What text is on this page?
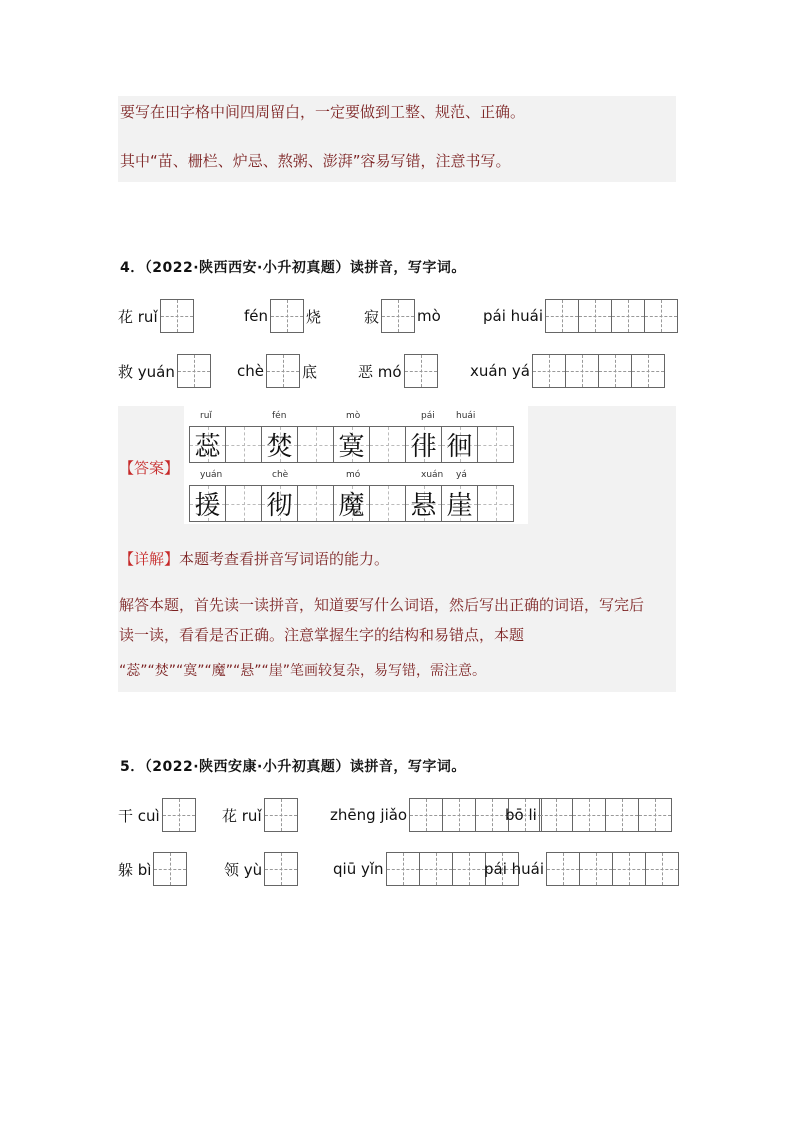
要写在田字格中间四周留白，一定要做到工整、规范、正确。
其中“苗、栅栏、炉忌、熬粥、澎湃”容易写错，注意书写。
4．（2022·陕西西安·小升初真题）读拼音，写字词。
花 ruǐ	fén	烧	寂	mò	pái huái
救 yuán	chè	底	恶 mó	xuán yá
【答案】
ruǐ	fén	mò	pái huái
蕊 焚 寞 徘 徊
yuán	chè	mó	xuán yá
援 彻 魔 悬 崖
【详解】本题考查看拼音写词语的能力。
解答本题，首先读一读拼音，知道要写什么词语，然后写出正确的词语，写完后
读一读，看看是否正确。注意掌握生字的结构和易错点，本题
“蕊”“焚”“寞”“魔”“悬”“崖”笔画较复杂，易写错，需注意。
5．（2022·陕西安康·小升初真题）读拼音，写字词。
干 cuì	花 ruǐ	zhēng jiǎo	bō li
躲 bì	领 yù	qiū yǐn	pái huái
